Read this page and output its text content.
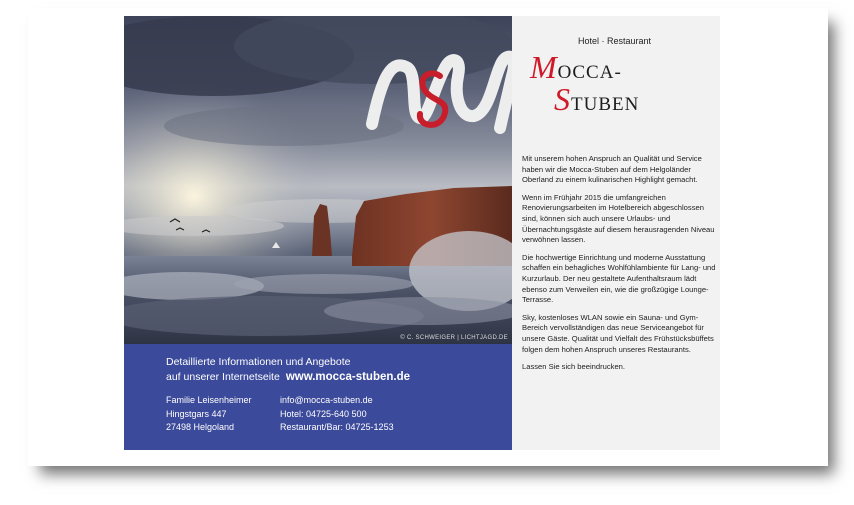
© C. SCHWEIGER | LICHTJAGD.DE
Detaillierte Informationen und Angebote
auf unserer Internetseite www.mocca-stuben.de
Familie Leisenheimer
Hingstgars 447
27498 Helgoland
info@mocca-stuben.de
Hotel: 04725-640 500
Restaurant/Bar: 04725-1253
Hotel · Restaurant
MOCCA-
STUBEN

Mit unserem hohen Anspruch an Qualität und Service haben wir die Mocca-Stuben auf dem Helgoländer Oberland zu einem kulinarischen Highlight gemacht.

Wenn im Frühjahr 2015 die umfangreichen Renovierungsarbeiten im Hotelbereich abgeschlossen sind, können sich auch unsere Urlaubs- und Übernachtungsgäste auf diesem herausragenden Niveau verwöhnen lassen.

Die hochwertige Einrichtung und moderne Ausstattung schaffen ein behagliches Wohlfühlambiente für Lang- und Kurzurlaub. Der neu gestaltete Aufenthaltsraum lädt ebenso zum Verweilen ein, wie die großzügige Lounge-Terrasse.

Sky, kostenloses WLAN sowie ein Sauna- und Gym-Bereich vervollständigen das neue Serviceangebot für unsere Gäste. Qualität und Vielfalt des Frühstücksbüffets folgen dem hohen Anspruch unseres Restaurants.

Lassen Sie sich beeindrucken.
